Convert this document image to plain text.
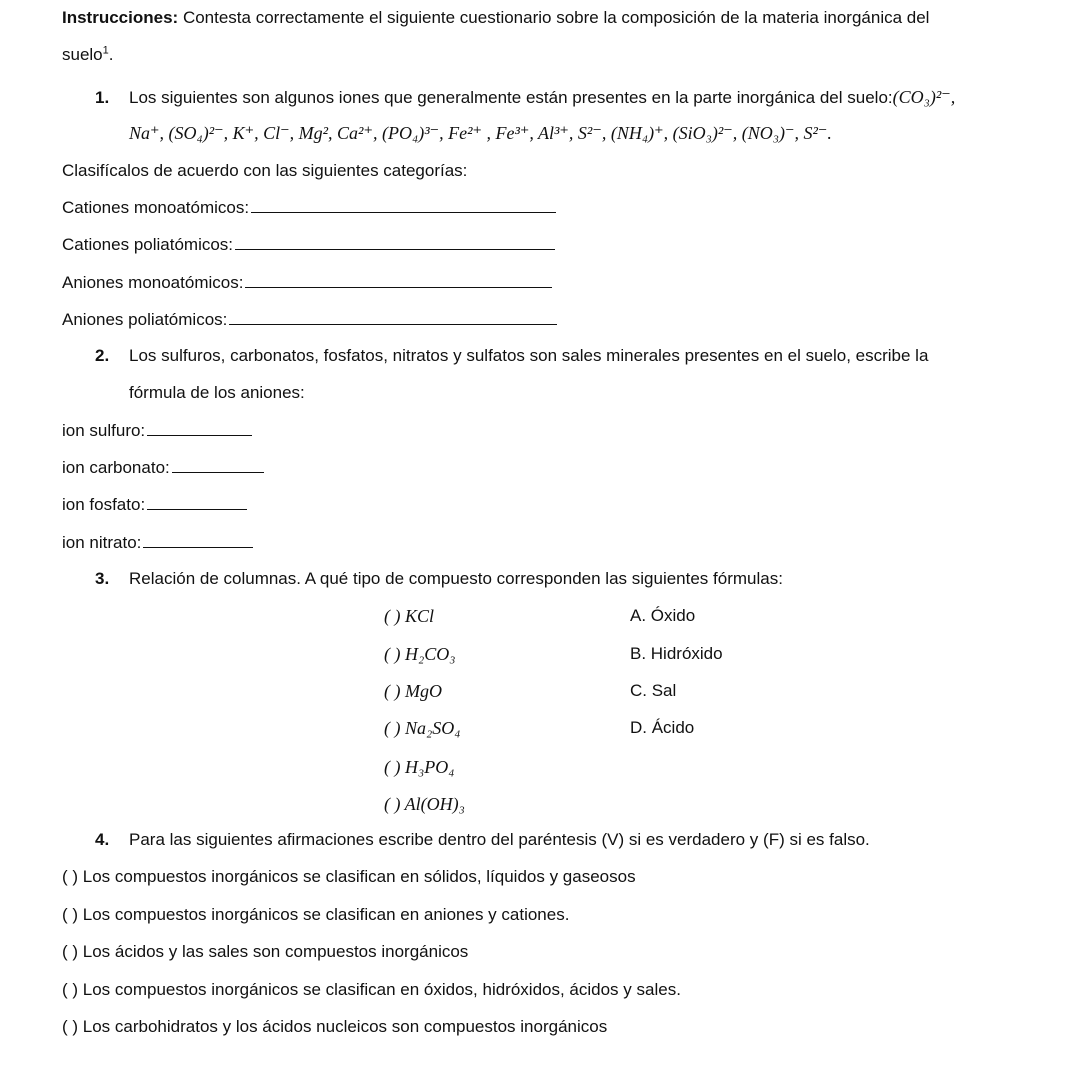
Instrucciones: Contesta correctamente el siguiente cuestionario sobre la composición de la materia inorgánica del
suelo$^1$.
1. Los siguientes son algunos iones que generalmente están presentes en la parte inorgánica del suelo:(CO₃)²⁻,
Na⁺, (SO₄)²⁻, K⁺, Cl⁻, Mg², Ca²⁺, (PO₄)³⁻, Fe²⁺ , Fe³⁺, Al³⁺, S²⁻, (NH₄)⁺, (SiO₃)²⁻, (NO₃)⁻, S²⁻.
Clasifícalos de acuerdo con las siguientes categorías:
Cationes monoatómicos:
Cationes poliatómicos:
Aniones monoatómicos:
Aniones poliatómicos:
2. Los sulfuros, carbonatos, fosfatos, nitratos y sulfatos son sales minerales presentes en el suelo, escribe la
fórmula de los aniones:
ion sulfuro:
ion carbonato:
ion fosfato:
ion nitrato:
3. Relación de columnas. A qué tipo de compuesto corresponden las siguientes fórmulas:
( ) KCl
( ) H₂CO₃
( ) MgO
( ) Na₂SO₄
( ) H₃PO₄
( ) Al(OH)₃
A. Óxido
B. Hidróxido
C. Sal
D. Ácido
4. Para las siguientes afirmaciones escribe dentro del paréntesis (V) si es verdadero y (F) si es falso.
( ) Los compuestos inorgánicos se clasifican en sólidos, líquidos y gaseosos
( ) Los compuestos inorgánicos se clasifican en aniones y cationes.
( ) Los ácidos y las sales son compuestos inorgánicos
( ) Los compuestos inorgánicos se clasifican en óxidos, hidróxidos, ácidos y sales.
( ) Los carbohidratos y los ácidos nucleicos son compuestos inorgánicos
